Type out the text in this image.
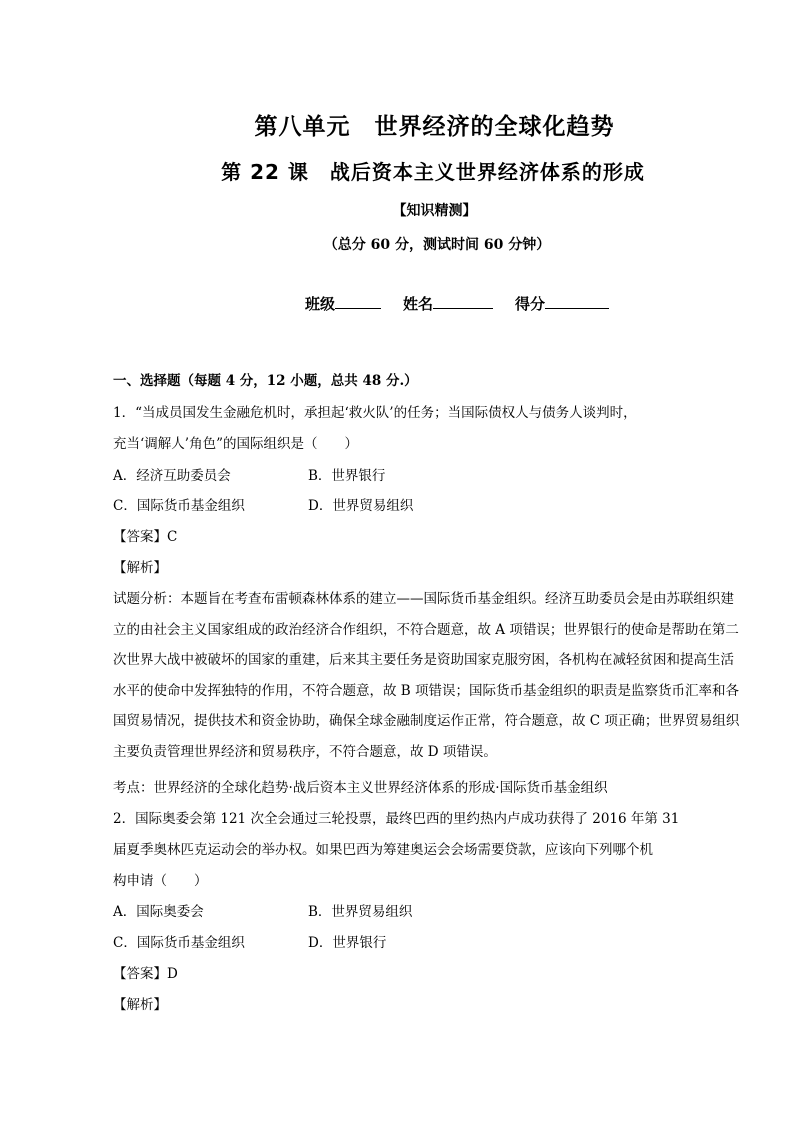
第八单元　世界经济的全球化趋势
第 22 课　战后资本主义世界经济体系的形成
【知识精测】
（总分 60 分，测试时间 60 分钟）
班级	姓名	得分
一、选择题（每题 4 分，12 小题，总共 48 分.）
1．“当成员国发生金融危机时，承担起‘救火队’的任务；当国际债权人与债务人谈判时，
充当‘调解人’角色”的国际组织是（　　）
A．经济互助委员会	B．世界银行
C．国际货币基金组织	D．世界贸易组织
【答案】C
【解析】

试题分析：本题旨在考查布雷顿森林体系的建立——国际货币基金组织。经济互助委员会是由苏联组织建

立的由社会主义国家组成的政治经济合作组织，不符合题意，故 A 项错误；世界银行的使命是帮助在第二

次世界大战中被破坏的国家的重建，后来其主要任务是资助国家克服穷困，各机构在减轻贫困和提高生活

水平的使命中发挥独特的作用，不符合题意，故 B 项错误；国际货币基金组织的职责是监察货币汇率和各

国贸易情况，提供技术和资金协助，确保全球金融制度运作正常，符合题意，故 C 项正确；世界贸易组织

主要负责管理世界经济和贸易秩序，不符合题意，故 D 项错误。

考点：世界经济的全球化趋势·战后资本主义世界经济体系的形成·国际货币基金组织
2．国际奥委会第 121 次全会通过三轮投票，最终巴西的里约热内卢成功获得了 2016 年第 31
届夏季奥林匹克运动会的举办权。如果巴西为筹建奥运会会场需要贷款，应该向下列哪个机
构申请（　　）
A．国际奥委会	B．世界贸易组织
C．国际货币基金组织	D．世界银行
【答案】D
【解析】
